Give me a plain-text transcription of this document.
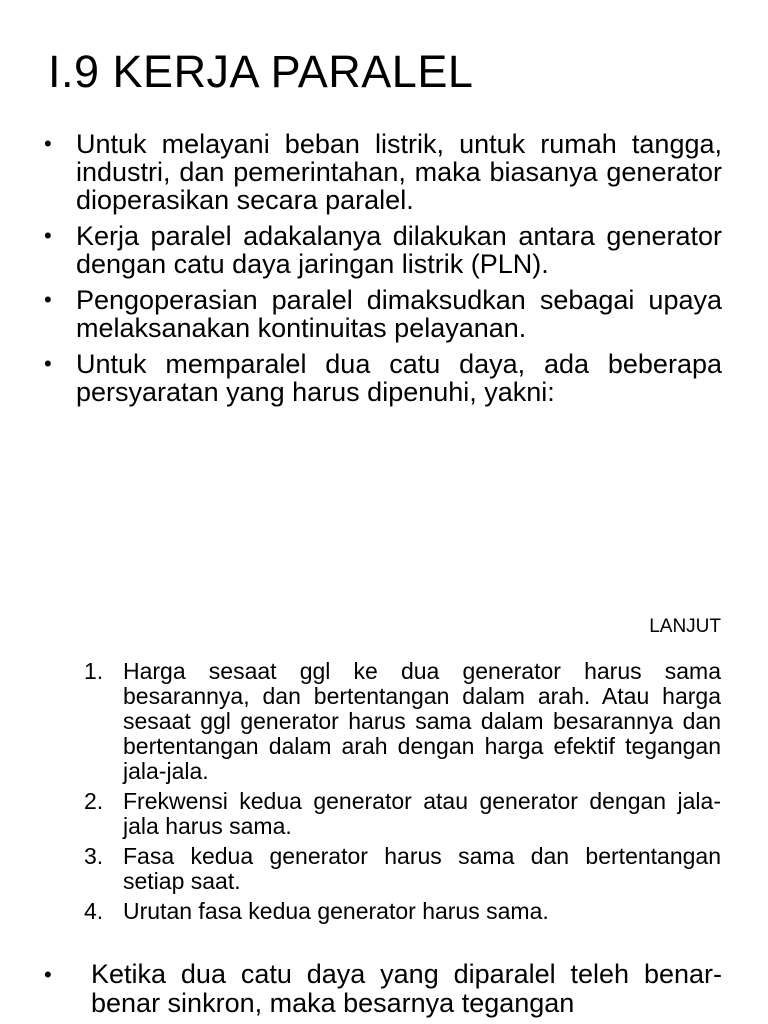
I.9 KERJA PARALEL
• Untuk melayani beban listrik, untuk rumah tangga, industri, dan pemerintahan, maka biasanya generator dioperasikan secara paralel.
• Kerja paralel adakalanya dilakukan antara generator dengan catu daya jaringan listrik (PLN).
• Pengoperasian paralel dimaksudkan sebagai upaya melaksanakan kontinuitas pelayanan.
• Untuk memparalel dua catu daya, ada beberapa persyaratan yang harus dipenuhi, yakni:
LANJUT
1. Harga sesaat ggl ke dua generator harus sama besarannya, dan bertentangan dalam arah. Atau harga sesaat ggl generator harus sama dalam besarannya dan bertentangan dalam arah dengan harga efektif tegangan jala-jala.
2. Frekwensi kedua generator atau generator dengan jala-jala harus sama.
3. Fasa kedua generator harus sama dan bertentangan setiap saat.
4. Urutan fasa kedua generator harus sama.
• Ketika dua catu daya yang diparalel teleh benar-benar sinkron, maka besarnya tegangan
